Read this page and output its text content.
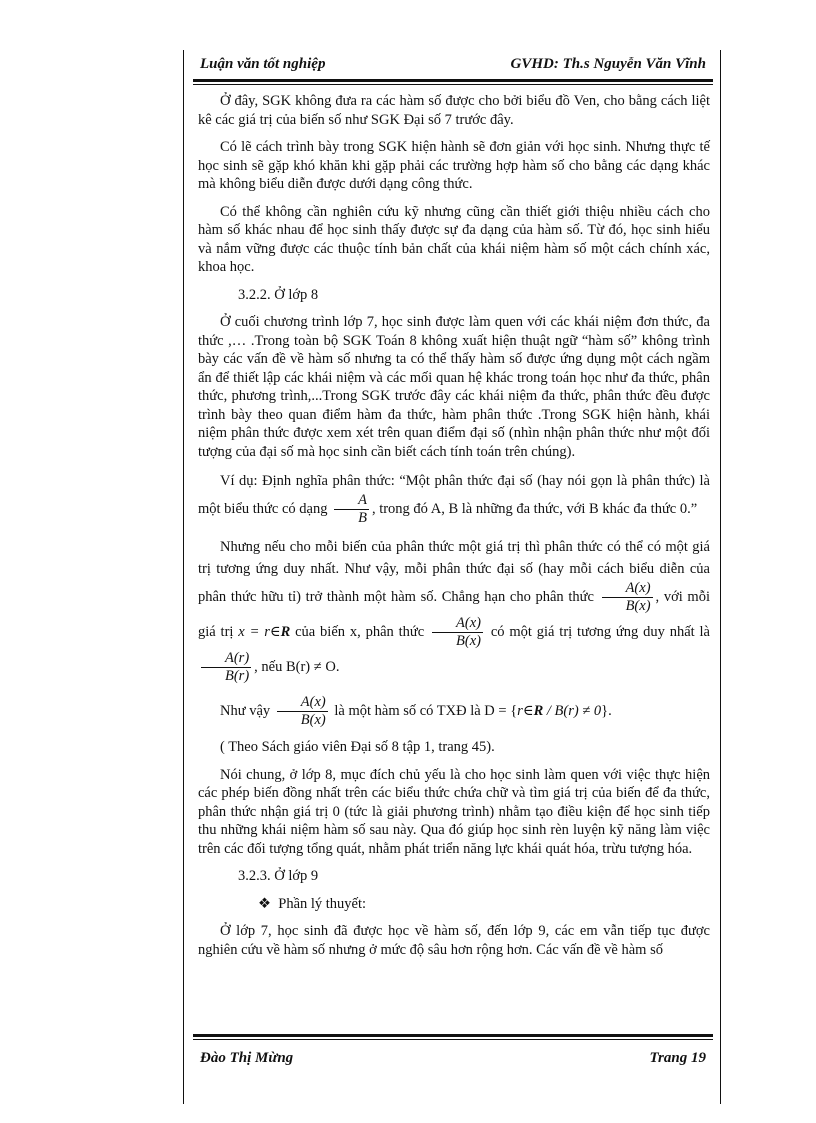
Luận văn tốt nghiệp	GVHD: Th.s Nguyễn Văn Vĩnh

Ở đây, SGK không đưa ra các hàm số được cho bởi biểu đồ Ven, cho bằng cách liệt kê các giá trị của biến số như SGK Đại số 7 trước đây.

Có lẽ cách trình bày trong SGK hiện hành sẽ đơn giản với học sinh. Nhưng thực tế học sinh sẽ gặp khó khăn khi gặp phải các trường hợp hàm số cho bằng các dạng khác mà không biểu diễn được dưới dạng công thức.

Có thể không cần nghiên cứu kỹ nhưng cũng cần thiết giới thiệu nhiều cách cho hàm số khác nhau để học sinh thấy được sự đa dạng của hàm số. Từ đó, học sinh hiểu và nắm vững được các thuộc tính bản chất của khái niệm hàm số một cách chính xác, khoa học.

3.2.2. Ở lớp 8

Ở cuối chương trình lớp 7, học sinh được làm quen với các khái niệm đơn thức, đa thức ,… .Trong toàn bộ SGK Toán 8 không xuất hiện thuật ngữ “hàm số” không trình bày các vấn đề về hàm số nhưng ta có thể thấy hàm số được ứng dụng một cách ngầm ẩn để thiết lập các khái niệm và các mối quan hệ khác trong toán học như đa thức, phân thức, phương trình,...Trong SGK trước đây các khái niệm đa thức, phân thức đều được trình bày theo quan điểm hàm đa thức, hàm phân thức .Trong SGK hiện hành, khái niệm phân thức được xem xét trên quan điểm đại số (nhìn nhận phân thức như một đối tượng của đại số mà học sinh cần biết cách tính toán trên chúng).

Ví dụ: Định nghĩa phân thức: “Một phân thức đại số (hay nói gọn là phân thức) là một biểu thức có dạng $\frac{A}{B}$ , trong đó A, B là những đa thức, với B khác đa thức 0.”

Nhưng nếu cho mỗi biến của phân thức một giá trị thì phân thức có thể có một giá trị tương ứng duy nhất. Như vậy, mỗi phân thức đại số (hay mỗi cách biểu diễn của phân thức hữu tỉ) trở thành một hàm số. Chẳng hạn cho phân thức $\frac{A(x)}{B(x)}$ , với mỗi giá trị x = r∈R của biến x, phân thức $\frac{A(x)}{B(x)}$ có một giá trị tương ứng duy nhất là
$\frac{A(r)}{B(r)}$ , nếu B(r) ≠ O.

Như vậy $\frac{A(x)}{B(x)}$ là một hàm số có TXĐ là D = {r∈R / B(r) ≠ 0}.

( Theo Sách giáo viên Đại số 8 tập 1, trang 45).

Nói chung, ở lớp 8, mục đích chủ yếu là cho học sinh làm quen với việc thực hiện các phép biến đồng nhất trên các biểu thức chứa chữ và tìm giá trị của biến để đa thức, phân thức nhận giá trị 0 (tức là giải phương trình) nhằm tạo điều kiện để học sinh tiếp thu những khái niệm hàm số sau này. Qua đó giúp học sinh rèn luyện kỹ năng làm việc trên các đối tượng tổng quát, nhằm phát triển năng lực khái quát hóa, trừu tượng hóa.

3.2.3. Ở lớp 9

❖ Phần lý thuyết:

Ở lớp 7, học sinh đã được học về hàm số, đến lớp 9, các em vẫn tiếp tục được nghiên cứu về hàm số nhưng ở mức độ sâu hơn rộng hơn. Các vấn đề về hàm số

Đào Thị Mừng	Trang 19
